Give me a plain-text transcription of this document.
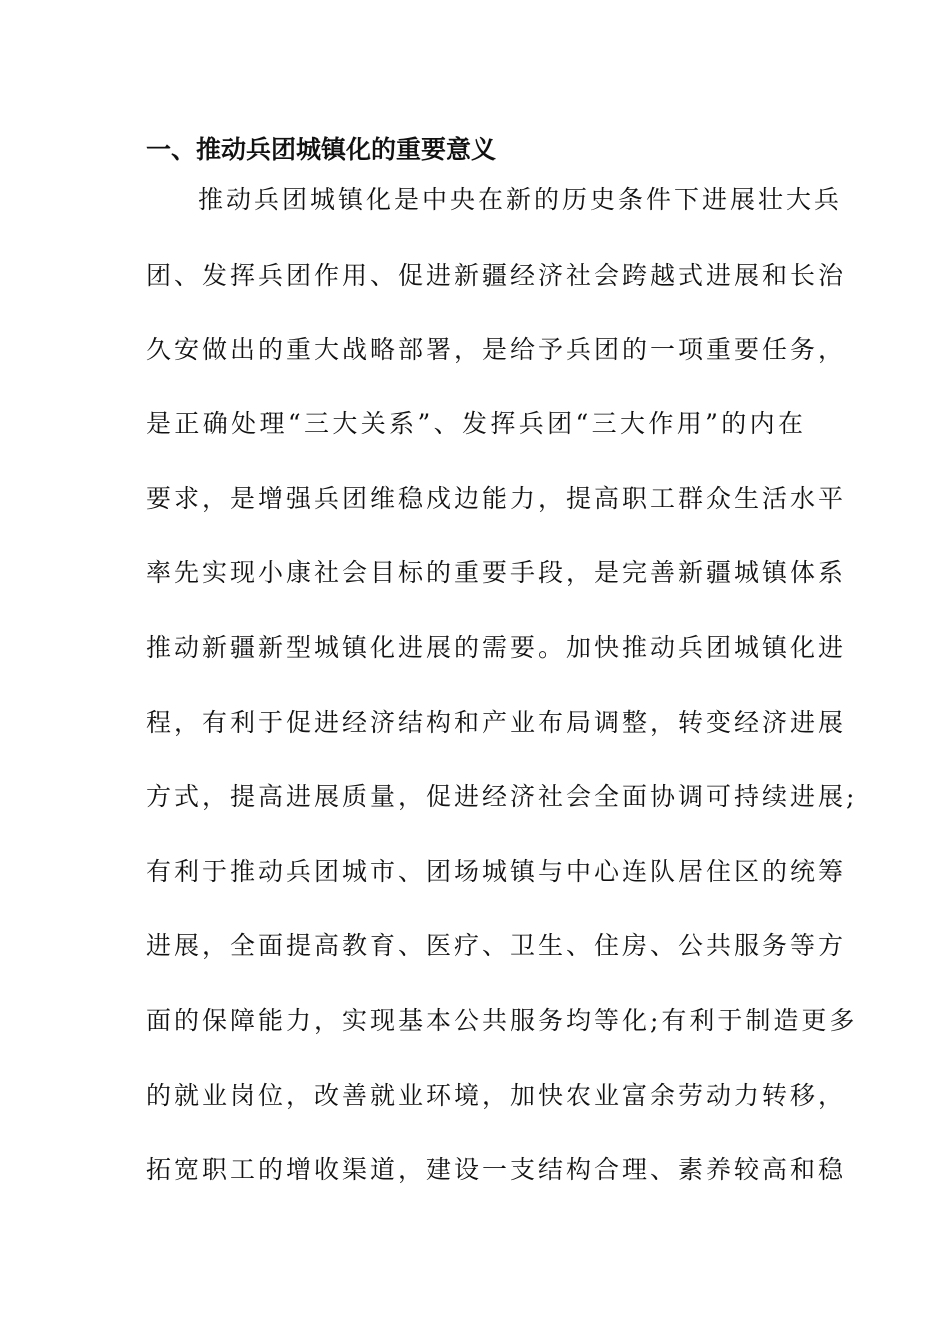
一、推动兵团城镇化的重要意义
推动兵团城镇化是中央在新的历史条件下进展壮大兵
团、发挥兵团作用、促进新疆经济社会跨越式进展和长治
久安做出的重大战略部署，是给予兵团的一项重要任务，
是正确处理“三大关系”、发挥兵团“三大作用”的内在
要求，是增强兵团维稳戍边能力，提高职工群众生活水平
率先实现小康社会目标的重要手段，是完善新疆城镇体系
推动新疆新型城镇化进展的需要。加快推动兵团城镇化进
程，有利于促进经济结构和产业布局调整，转变经济进展
方式，提高进展质量，促进经济社会全面协调可持续进展;
有利于推动兵团城市、团场城镇与中心连队居住区的统筹
进展，全面提高教育、医疗、卫生、住房、公共服务等方
面的保障能力，实现基本公共服务均等化;有利于制造更多
的就业岗位，改善就业环境，加快农业富余劳动力转移，
拓宽职工的增收渠道，建设一支结构合理、素养较高和稳
